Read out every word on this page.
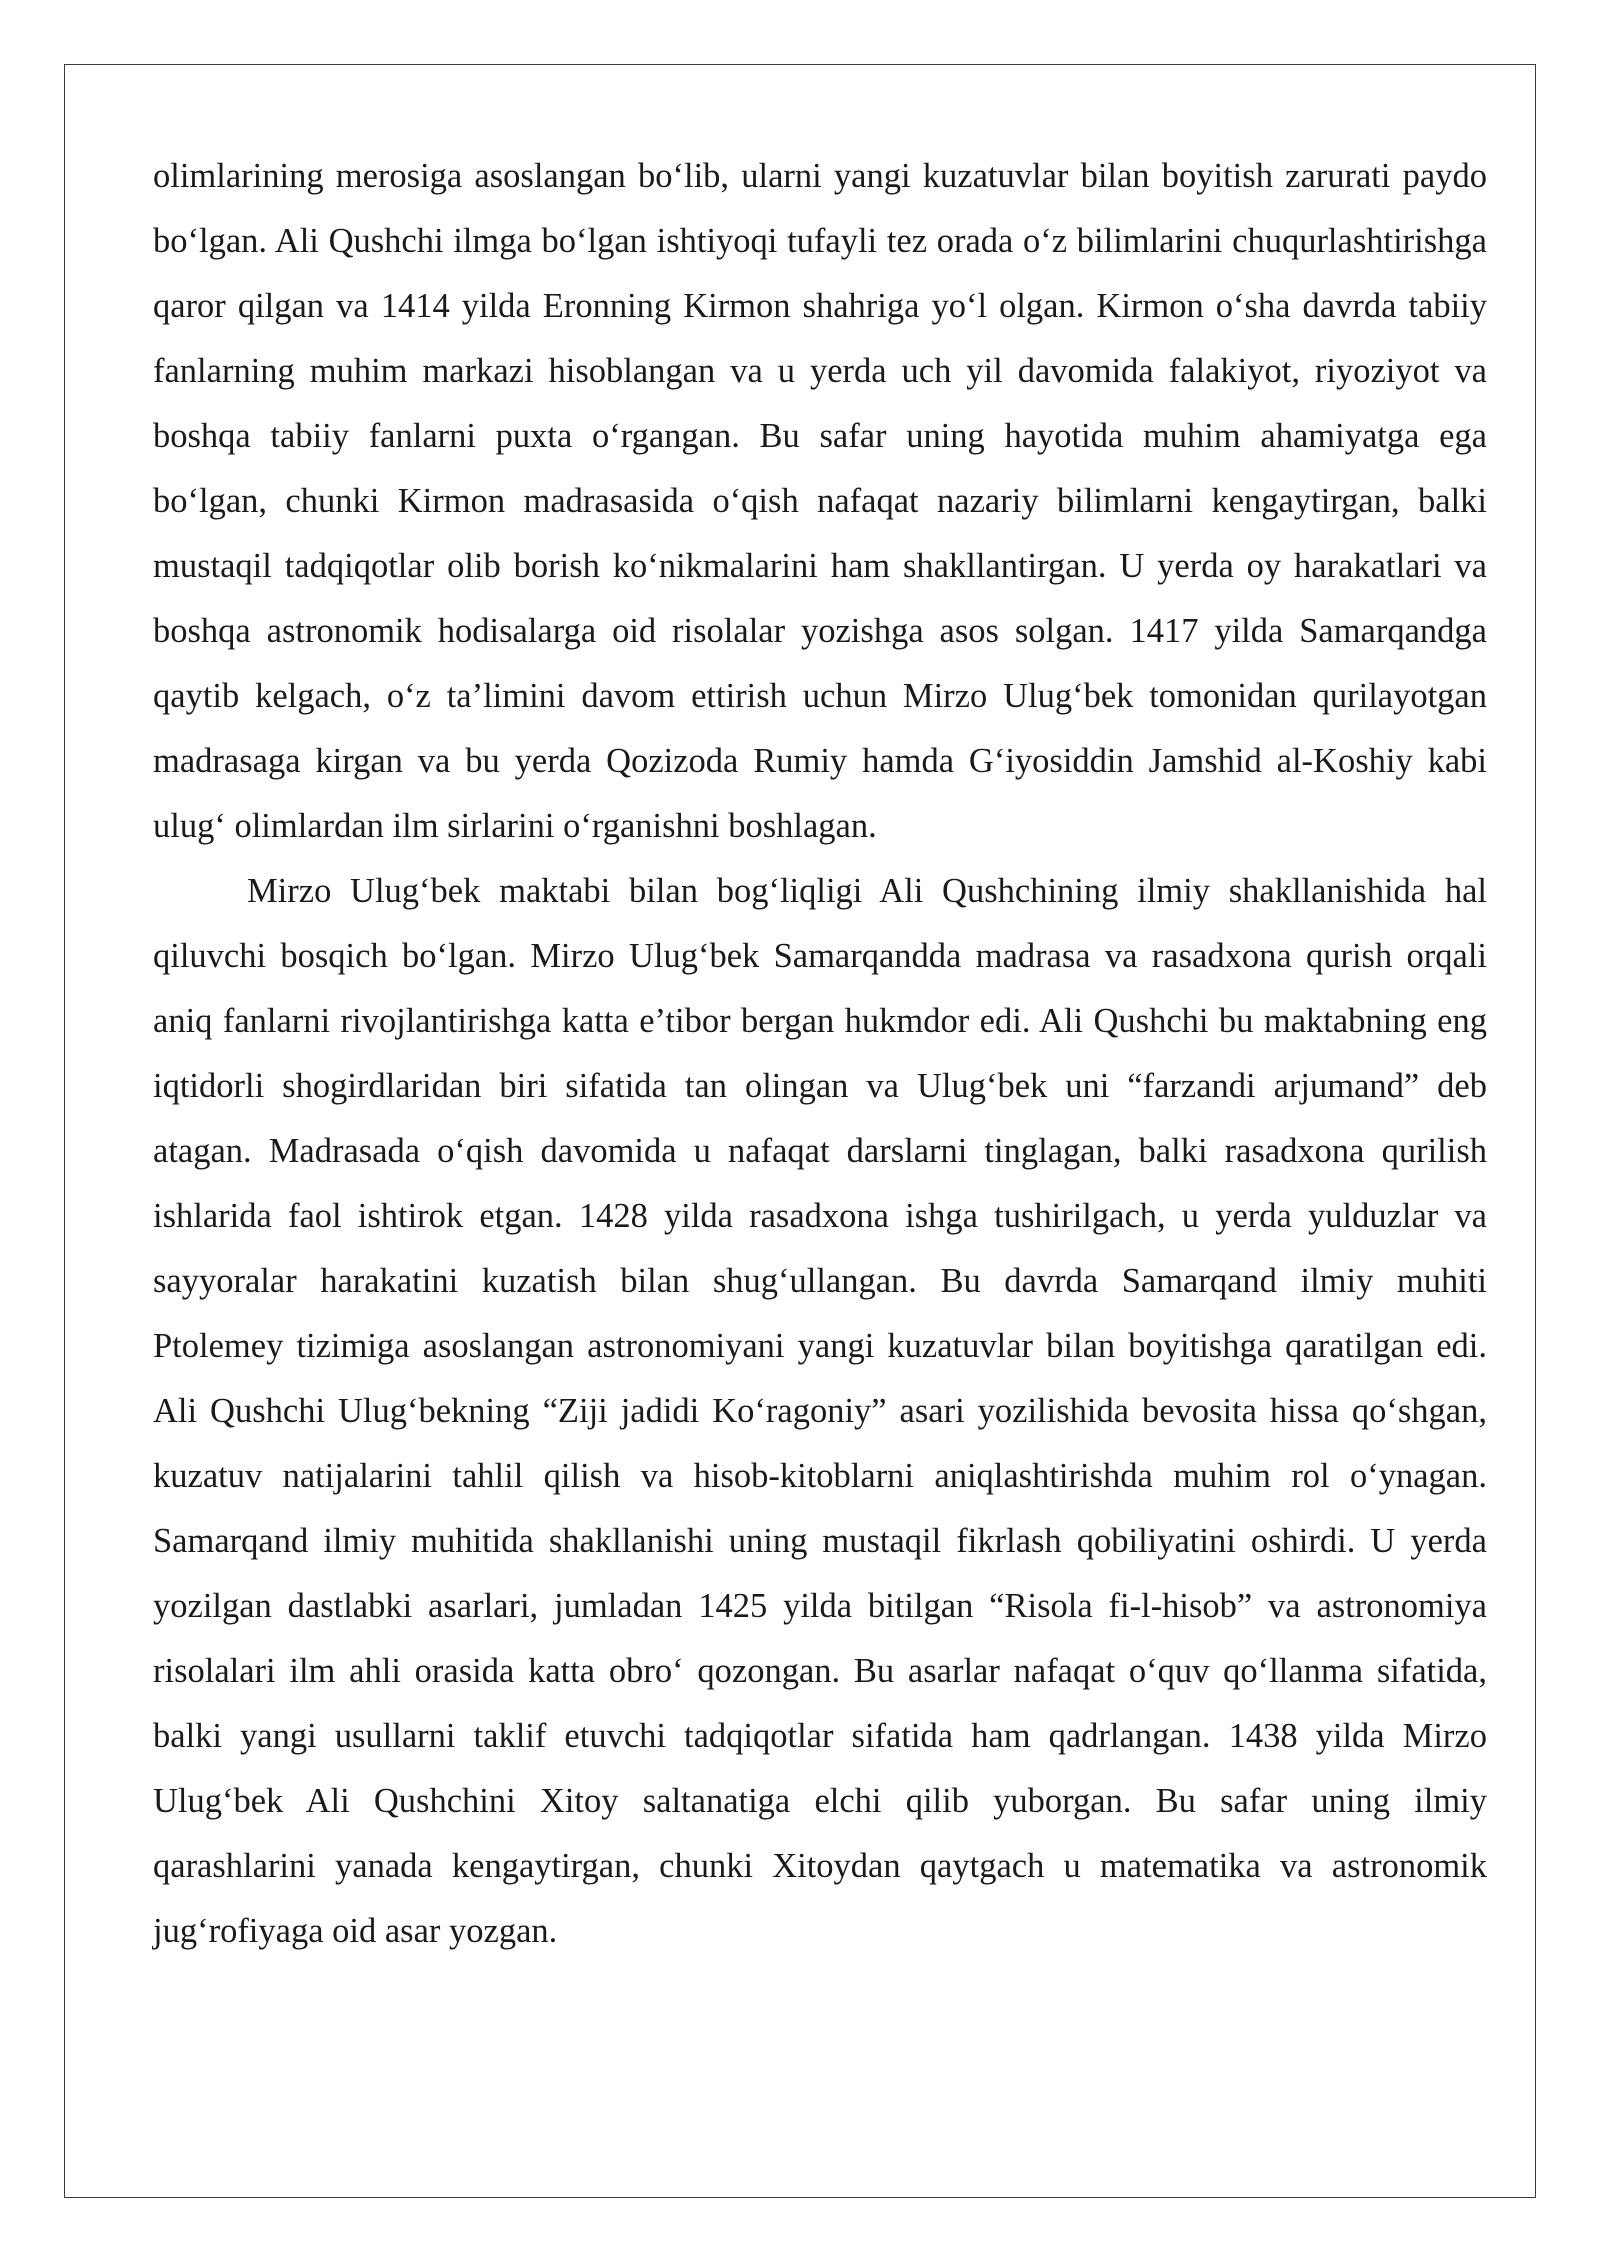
olimlarining merosiga asoslangan boʻlib, ularni yangi kuzatuvlar bilan boyitish zarurati paydo boʻlgan. Ali Qushchi ilmga boʻlgan ishtiyoqi tufayli tez orada oʻz bilimlarini chuqurlashtirishga qaror qilgan va 1414 yilda Eronning Kirmon shahriga yoʻl olgan. Kirmon oʻsha davrda tabiiy fanlarning muhim markazi hisoblangan va u yerda uch yil davomida falakiyot, riyoziyot va boshqa tabiiy fanlarni puxta oʻrgangan. Bu safar uning hayotida muhim ahamiyatga ega boʻlgan, chunki Kirmon madrasasida oʻqish nafaqat nazariy bilimlarni kengaytirgan, balki mustaqil tadqiqotlar olib borish koʻnikmalarini ham shakllantirgan. U yerda oy harakatlari va boshqa astronomik hodisalarga oid risolalar yozishga asos solgan. 1417 yilda Samarqandga qaytib kelgach, oʻz ta’limini davom ettirish uchun Mirzo Ulugʻbek tomonidan qurilayotgan madrasaga kirgan va bu yerda Qozizoda Rumiy hamda Gʻiyosiddin Jamshid al-Koshiy kabi ulugʻ olimlardan ilm sirlarini oʻrganishni boshlagan.

Mirzo Ulugʻbek maktabi bilan bogʻliqligi Ali Qushchining ilmiy shakllanishida hal qiluvchi bosqich boʻlgan. Mirzo Ulugʻbek Samarqandda madrasa va rasadxona qurish orqali aniq fanlarni rivojlantirishga katta e’tibor bergan hukmdor edi. Ali Qushchi bu maktabning eng iqtidorli shogirdlaridan biri sifatida tan olingan va Ulugʻbek uni “farzandi arjumand” deb atagan. Madrasada oʻqish davomida u nafaqat darslarni tinglagan, balki rasadxona qurilish ishlarida faol ishtirok etgan. 1428 yilda rasadxona ishga tushirilgach, u yerda yulduzlar va sayyoralar harakatini kuzatish bilan shugʻullangan. Bu davrda Samarqand ilmiy muhiti Ptolemey tizimiga asoslangan astronomiyani yangi kuzatuvlar bilan boyitishga qaratilgan edi. Ali Qushchi Ulugʻbekning “Ziji jadidi Koʻragoniy” asari yozilishida bevosita hissa qoʻshgan, kuzatuv natijalarini tahlil qilish va hisob-kitoblarni aniqlashtirishda muhim rol oʻynagan. Samarqand ilmiy muhitida shakllanishi uning mustaqil fikrlash qobiliyatini oshirdi. U yerda yozilgan dastlabki asarlari, jumladan 1425 yilda bitilgan “Risola fi-l-hisob” va astronomiya risolalari ilm ahli orasida katta obroʻ qozongan. Bu asarlar nafaqat oʻquv qoʻllanma sifatida, balki yangi usullarni taklif etuvchi tadqiqotlar sifatida ham qadrlangan. 1438 yilda Mirzo Ulugʻbek Ali Qushchini Xitoy saltanatiga elchi qilib yuborgan. Bu safar uning ilmiy qarashlarini yanada kengaytirgan, chunki Xitoydan qaytgach u matematika va astronomik jugʻrofiyaga oid asar yozgan.
